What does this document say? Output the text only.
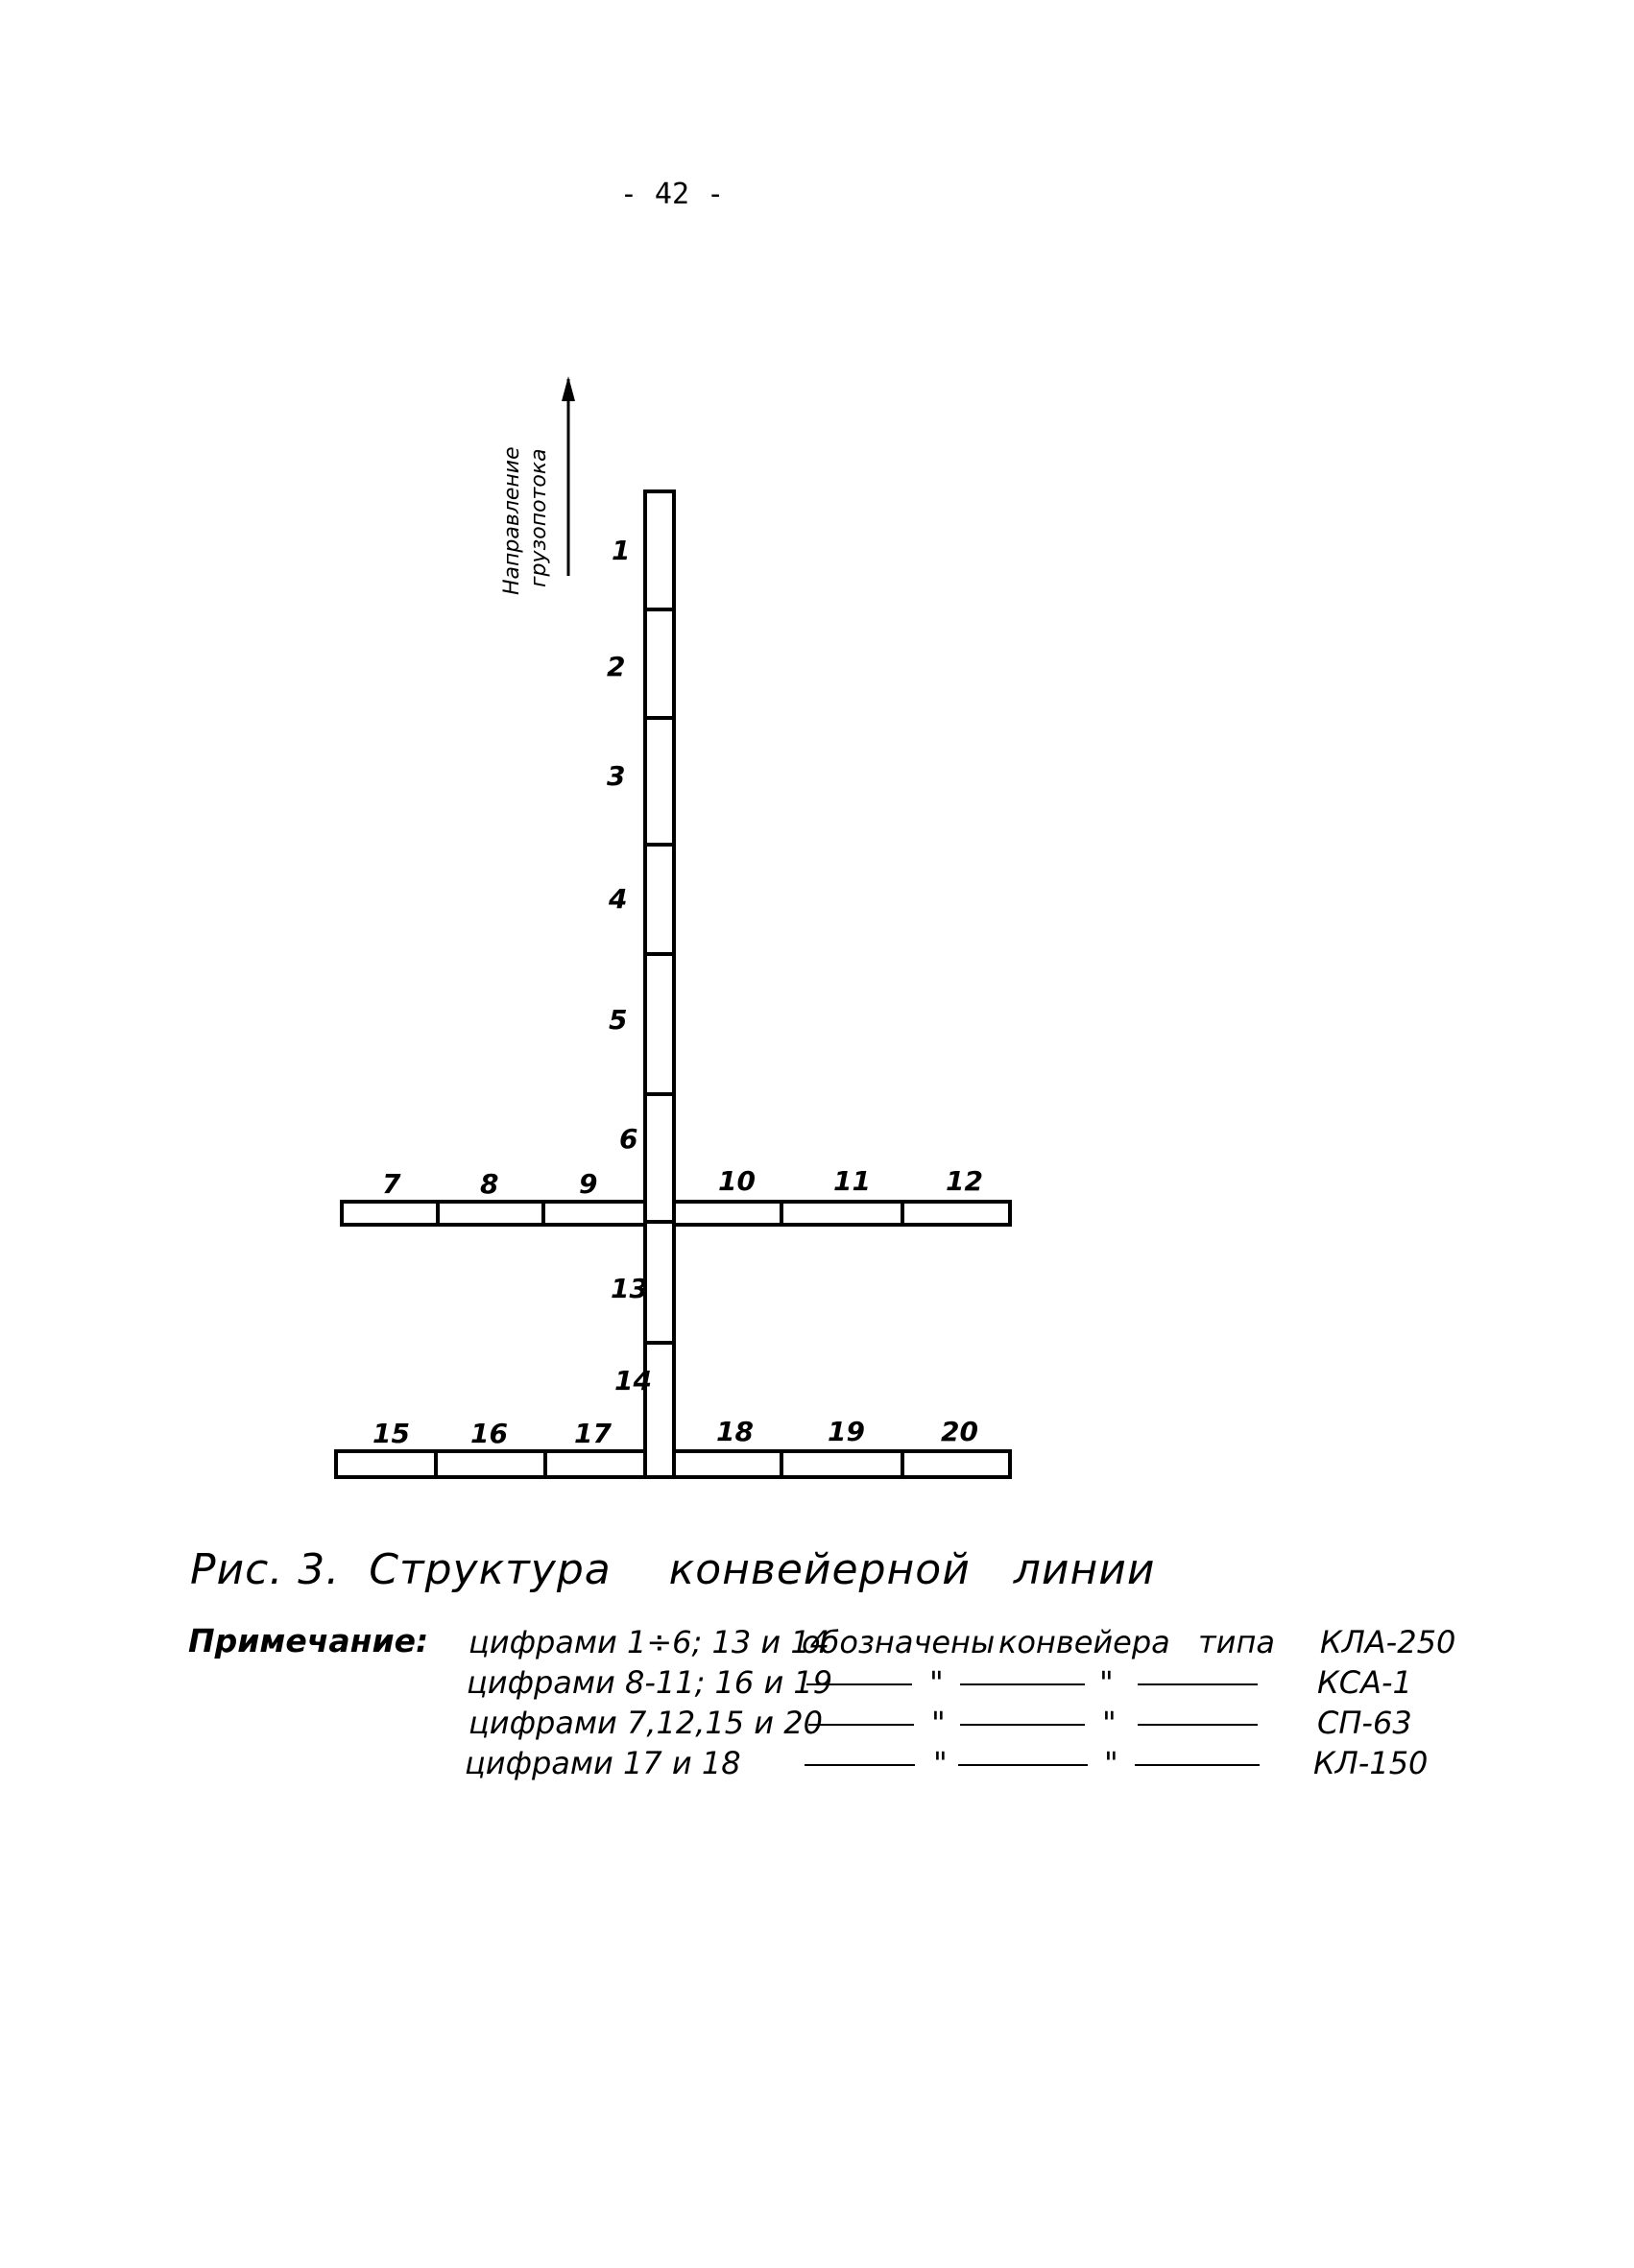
- 42 -
Направление грузопотока 1
2
3
4
5
6
7	8	9	10	11	12
13
14
15 16 17	18	19	20
Рис. 3.  Структура    конвейерной   линии
Примечание: цифрами 1÷6; 13 и 14
обозначены конвейера типа КЛА-250
цифрами 8-11; 16 и 19	"	"	КСА-1
цифрами 7,12,15 и 20	"	"	СП-63
цифрами 17 и 18	"	"	КЛ-150
